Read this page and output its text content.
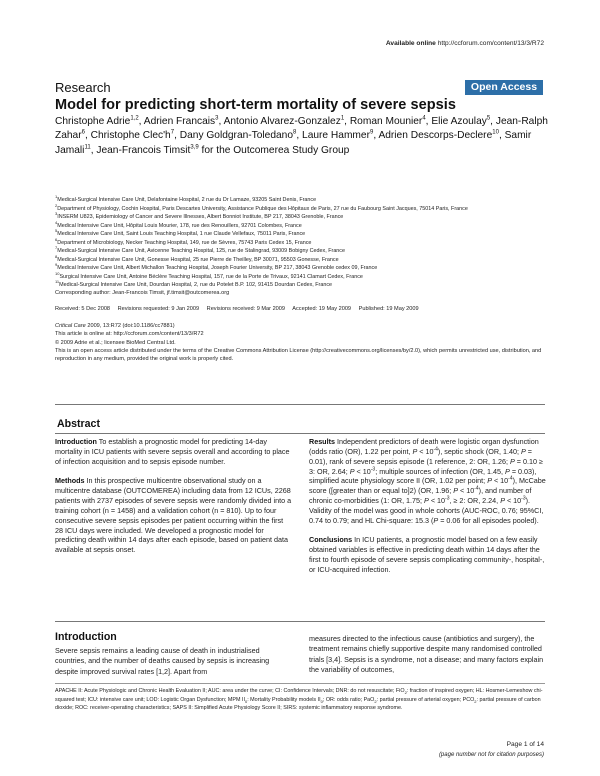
Available online http://ccforum.com/content/13/3/R72
Research	Open Access
Model for predicting short-term mortality of severe sepsis
Christophe Adrie$^{1,2}$, Adrien Francais$^3$, Antonio Alvarez-Gonzalez$^1$, Roman Mounier$^4$, Elie Azoulay$^5$, Jean-Ralph Zahar$^6$, Christophe $Clec'h^7$, Dany Goldgran-Toledano$^8$, Laure Hammer$^9$, Adrien Descorps-Declere$^{10}$, Samir Jamali$^{11}$, Jean-Francois Timsit$^{3,9}$ for the Outcomerea Study Group
$^1$Medical-Surgical Intensive Care Unit, Delafontaine Hospital, 2 rue du Dr Lamaze, 93205 Saint Denis, France
$^2$Department of Physiology, Cochin Hospital, Paris Descartes University, Assistance Publique des Hôpitaux de Paris, 27 rue du Faubourg Saint Jacques, 75014 Paris, France
$^3$INSERM U823, Epidemiology of Cancer and Severe Illnesses, Albert Bonniot Institute, BP 217, 38043 Grenoble, France
$^4$Medical Intensive Care Unit, Hôpital Louis Mourier, 178, rue des Renouillers, 92701 Colombes, France
$^5$Medical Intensive Care Unit, Saint Louis Teaching Hospital, 1 rue Claude Vellefaux, 75011 Paris, France
$^6$Department of Microbiology, Necker Teaching Hospital, 149, rue de Sèvres, 75743 Paris Cedex 15, France
$^7$Medical-Surgical Intensive Care Unit, Avicenne Teaching Hospital, 125, rue de Stalingrad, 93009 Bobigny Cedex, France
$^8$Medical-Surgical Intensive Care Unit, Gonesse Hospital, 25 rue Pierre de Theilley, BP 30071, 95503 Gonesse, France
$^9$Medical Intensive Care Unit, Albert Michallon Teaching Hospital, Joseph Fourier University, BP 217, 38043 Grenoble cedex 09, France
$^{10}$Surgical Intensive Care Unit, Antoine Béclère Teaching Hospital, 157, rue de la Porte de Trivaux, 92141 Clamart Cedex, France
$^{11}$Medical-Surgical Intensive Care Unit, Dourdan Hospital, 2, rue du Potelet B.P. 102, 91415 Dourdan Cedex, France
Corresponding author: Jean-Francois Timsit, jf.timsit@outcomerea.org
Received: 5 Dec 2008 Revisions requested: 9 Jan 2009 Revisions received: 9 Mar 2009 Accepted: 19 May 2009 Published: 19 May 2009
Critical Care 2009, 13:R72 (doi:10.1186/cc7881)
This article is online at: http://ccforum.com/content/13/3/R72
© 2009 Adrie et al.; licensee BioMed Central Ltd.
This is an open access article distributed under the terms of the Creative Commons Attribution License (http://creativecommons.org/licenses/by/2.0), which permits unrestricted use, distribution, and reproduction in any medium, provided the original work is properly cited.
Abstract

Introduction To establish a prognostic model for predicting 14-day mortality in ICU patients with severe sepsis overall and according to place of infection acquisition and to sepsis episode number.

Methods In this prospective multicentre observational study on a multicentre database (OUTCOMEREA) including data from 12 ICUs, 2268 patients with 2737 episodes of severe sepsis were randomly divided into a training cohort (n = 1458) and a validation cohort (n = 810). Up to four consecutive severe sepsis episodes per patient occurring within the first 28 ICU days were included. We developed a prognostic model for predicting death within 14 days after each episode, based on patient data available at sepsis onset.

Results Independent predictors of death were logistic organ dysfunction (odds ratio (OR), 1.22 per point, $P < 10^{-4}$), septic shock (OR, 1.40; P = 0.01), rank of severe sepsis episode (1 reference, 2: OR, 1.26; P = 0.10 ≥ 3: OR, 2.64; $P < 10^{-3}$; multiple sources of infection (OR, 1.45, P = 0.03), simplified acute physiology score II (OR, 1.02 per point; $P < 10^{-4}$), McCabe score ([greater than or equal to]2) (OR, 1.96; $P < 10^{-4}$), and number of chronic co-morbidities (1: OR, 1.75; $P < 10^{-3}$, ≥ 2: OR, 2.24, $P < 10^{-3}$). Validity of the model was good in whole cohorts (AUC-ROC, 0.76; 95%CI, 0.74 to 0.79; and HL Chi-square: 15.3 (P = 0.06 for all episodes pooled).

Conclusions In ICU patients, a prognostic model based on a few easily obtained variables is effective in predicting death within 14 days after the first to fourth episode of severe sepsis complicating community-, hospital-, or ICU-acquired infection.

Introduction
Severe sepsis remains a leading cause of death in industrialised countries, and the number of deaths caused by sepsis is increasing despite improved survival rates [1,2]. Apart from
measures directed to the infectious cause (antibiotics and surgery), the treatment remains chiefly supportive despite many randomised controlled trials [3,4]. Sepsis is a syndrome, not a disease; and many factors explain the variability of outcomes,
APACHE II: Acute Physiologic and Chronic Health Evaluation II; AUC: area under the curve; CI: Confidence Intervals; DNR: do not resuscitate; FiO$_2$: fraction of inspired oxygen; HL: Hosmer-Lemeshow chi-squared test; ICU: intensive care unit; LOD: Logistic Organ Dysfunction; MPM $II_0$: Mortality Probability models $II_0$; OR: odds ratio; PaO$_2$: partial pressure of arterial oxygen; $PCO_2$: partial pressure of carbon dioxide; ROC: receiver-operating characteristics; SAPS II: Simplified Acute Physiology Score II; SIRS: systemic inflammatory response syndrome.
Page 1 of 14
(page number not for citation purposes)
